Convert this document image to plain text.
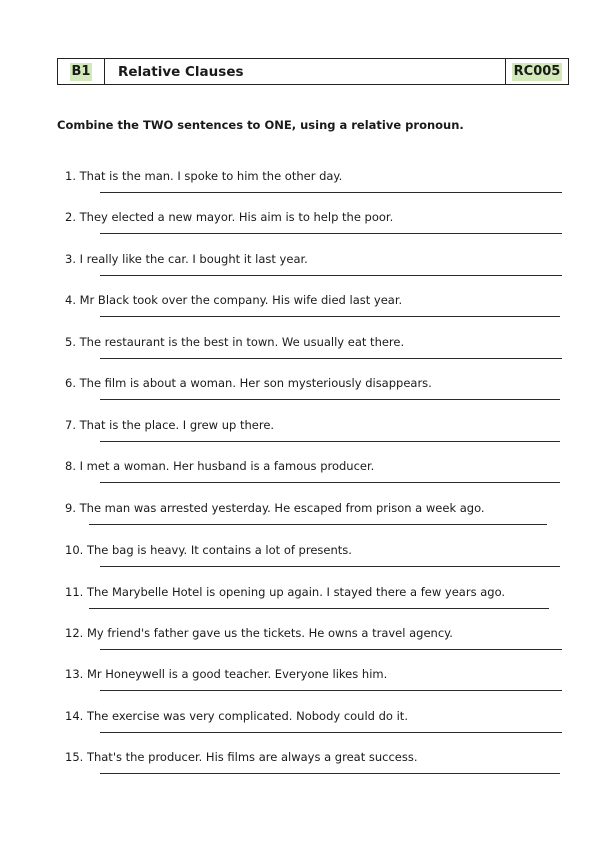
B1 Relative Clauses	RC005
Combine the TWO sentences to ONE, using a relative pronoun.
1. That is the man. I spoke to him the other day.
2. They elected a new mayor. His aim is to help the poor.
3. I really like the car. I bought it last year.
4. Mr Black took over the company. His wife died last year.
5. The restaurant is the best in town. We usually eat there.
6. The film is about a woman. Her son mysteriously disappears.
7. That is the place. I grew up there.
8. I met a woman. Her husband is a famous producer.
9. The man was arrested yesterday. He escaped from prison a week ago.
10. The bag is heavy. It contains a lot of presents.
11. The Marybelle Hotel is opening up again. I stayed there a few years ago.
12. My friend's father gave us the tickets. He owns a travel agency.
13. Mr Honeywell is a good teacher. Everyone likes him.
14. The exercise was very complicated. Nobody could do it.
15. That's the producer. His films are always a great success.
